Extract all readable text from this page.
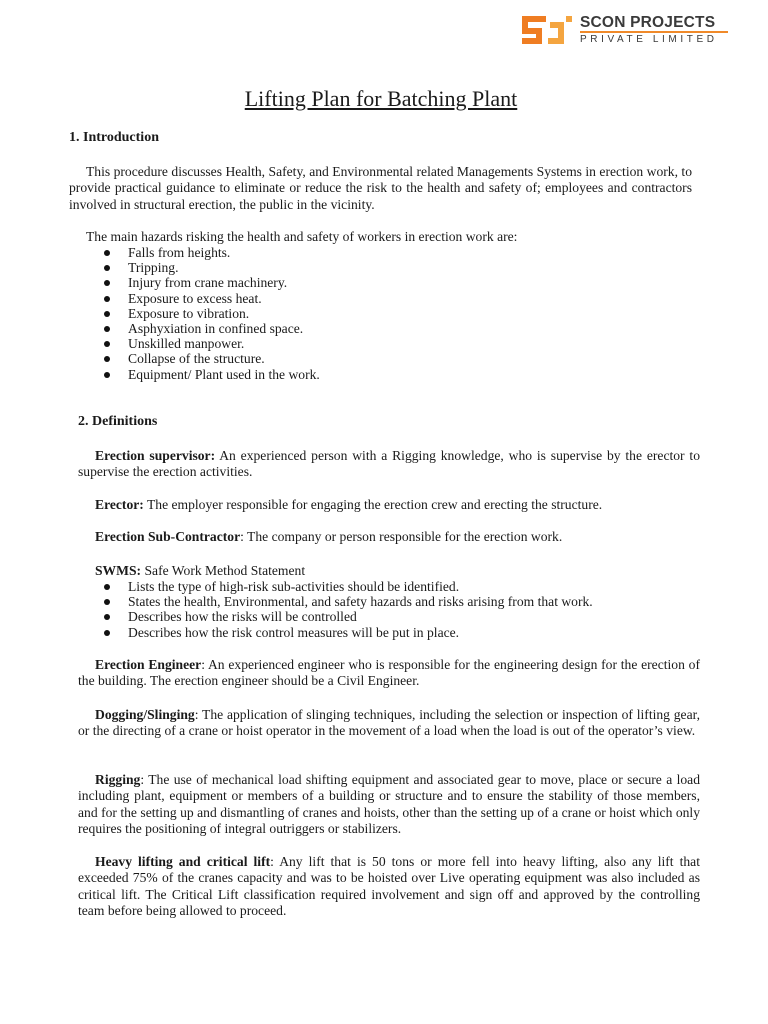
SCON PROJECTS
PRIVATE LIMITED
Lifting Plan for Batching Plant
1. Introduction

This procedure discusses Health, Safety, and Environmental related Managements Systems in erection work, to provide practical guidance to eliminate or reduce the risk to the health and safety of; employees and contractors involved in structural erection, the public in the vicinity.

The main hazards risking the health and safety of workers in erection work are:

Falls from heights.
Tripping.
Injury from crane machinery.
Exposure to excess heat.
Exposure to vibration.
Asphyxiation in confined space.
Unskilled manpower.
Collapse of the structure.
Equipment/ Plant used in the work.
2. Definitions

Erection supervisor: An experienced person with a Rigging knowledge, who is supervise by the erector to supervise the erection activities.

Erector: The employer responsible for engaging the erection crew and erecting the structure.

Erection Sub-Contractor: The company or person responsible for the erection work.

SWMS: Safe Work Method Statement

Lists the type of high-risk sub-activities should be identified.
States the health, Environmental, and safety hazards and risks arising from that work.
Describes how the risks will be controlled
Describes how the risk control measures will be put in place.

Erection Engineer: An experienced engineer who is responsible for the engineering design for the erection of the building. The erection engineer should be a Civil Engineer.

Dogging/Slinging: The application of slinging techniques, including the selection or inspection of lifting gear, or the directing of a crane or hoist operator in the movement of a load when the load is out of the operator’s view.

Rigging: The use of mechanical load shifting equipment and associated gear to move, place or secure a load including plant, equipment or members of a building or structure and to ensure the stability of those members, and for the setting up and dismantling of cranes and hoists, other than the setting up of a crane or hoist which only requires the positioning of integral outriggers or stabilizers.

Heavy lifting and critical lift: Any lift that is 50 tons or more fell into heavy lifting, also any lift that exceeded 75% of the cranes capacity and was to be hoisted over Live operating equipment was also included as critical lift. The Critical Lift classification required involvement and sign off and approved by the controlling team before being allowed to proceed.
